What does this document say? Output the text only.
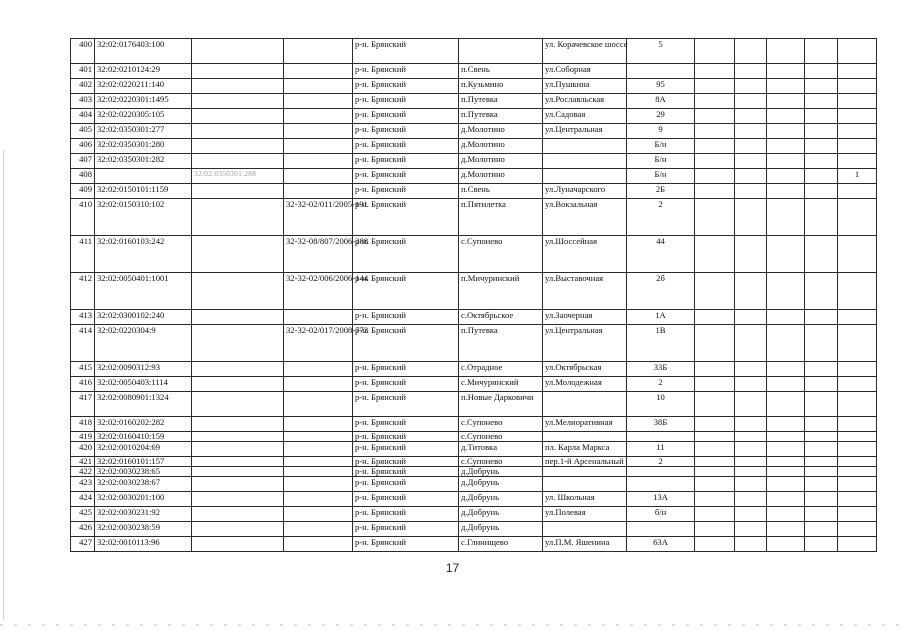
400	32:02:0176403:100			р-н. Брянский		ул. Корачевское шоссе	5					
401	32:02:0210124:29			р-н. Брянский	п.Свень	ул.Соборная						
402	32:02:0220211:140			р-н. Брянский	п.Кузьмино	ул.Пушкина	95					
403	32:02:0220301:1495			р-н. Брянский	п.Путевка	ул.Рославльская	8А					
404	32:02:0220305:105			р-н. Брянский	п.Путевка	ул.Садовая	29					
405	32:02:0350301:277			р-н. Брянский	д.Молотино	ул.Центральная	9					
406	32:02:0350301:280			р-н. Брянский	д.Молотино		Б/н					
407	32:02:0350301:282			р-н. Брянский	д.Молотино		Б/н					
408		32:02:0350301:288		р-н. Брянский	д.Молотино		Б/н					1
409	32:02:0150101:1159			р-н. Брянский	п.Свень	ул.Луначарского	2Б					
410	32:02:0150310:102		32-32-02/011/2005-191	р-н. Брянский	п.Пятилетка	ул.Вокзальная	2					
411	32:02:0160103:242		32-32-08/807/2006-288	р-н. Брянский	с.Супонево	ул.Шоссейная	44					
412	32:02:0050401:1001		32-32-02/006/2006-144	р-н. Брянский	п.Мичуринский	ул.Выставочная	2б					
413	32:02:0300102:240			р-н. Брянский	с.Октябрьское	ул.Заочерная	1А					
414	32:02:0220304:9		32-32-02/017/2008-773	р-н. Брянский	п.Путевка	ул.Центральная	1В					
415	32:02:0090312:93			р-н. Брянский	с.Отрадное	ул.Октябрьская	33Б					
416	32:02:0050403:1114			р-н. Брянский	с.Мичуринский	ул.Молодежная	2					
417	32:02:0080901:1324			р-н. Брянский	п.Новые Дарковичи		10					
418	32:02:0160202:282			р-н. Брянский	с.Супонево	ул.Мелиоративная	38Б					
419	32:02:0160410:159			р-н. Брянский	с.Супонево							
420	32:02:0010204:69			р-н. Брянский	д.Титовка	пл. Карла Маркса	11					
421	32:02:0160101:157			р-н. Брянский	с.Супонево	пер.1-й Арсенальный	2					
422	32:02:0030238:65			р-н. Брянский	д.Добрунь							
423	32:02:0030238:67			р-н. Брянский	д.Добрунь							
424	32:02:0030201:100			р-н. Брянский	д.Добрунь	ул. Школьная	13А					
425	32:02:0030231:92			р-н. Брянский	д.Добрунь	ул.Полевая	б/н					
426	32:02:0030238:59			р-н. Брянский	д.Добрунь							
427	32:02:0010113:96			р-н. Брянский	с.Глинищево	ул.П.М. Яшенина	63А					
17
